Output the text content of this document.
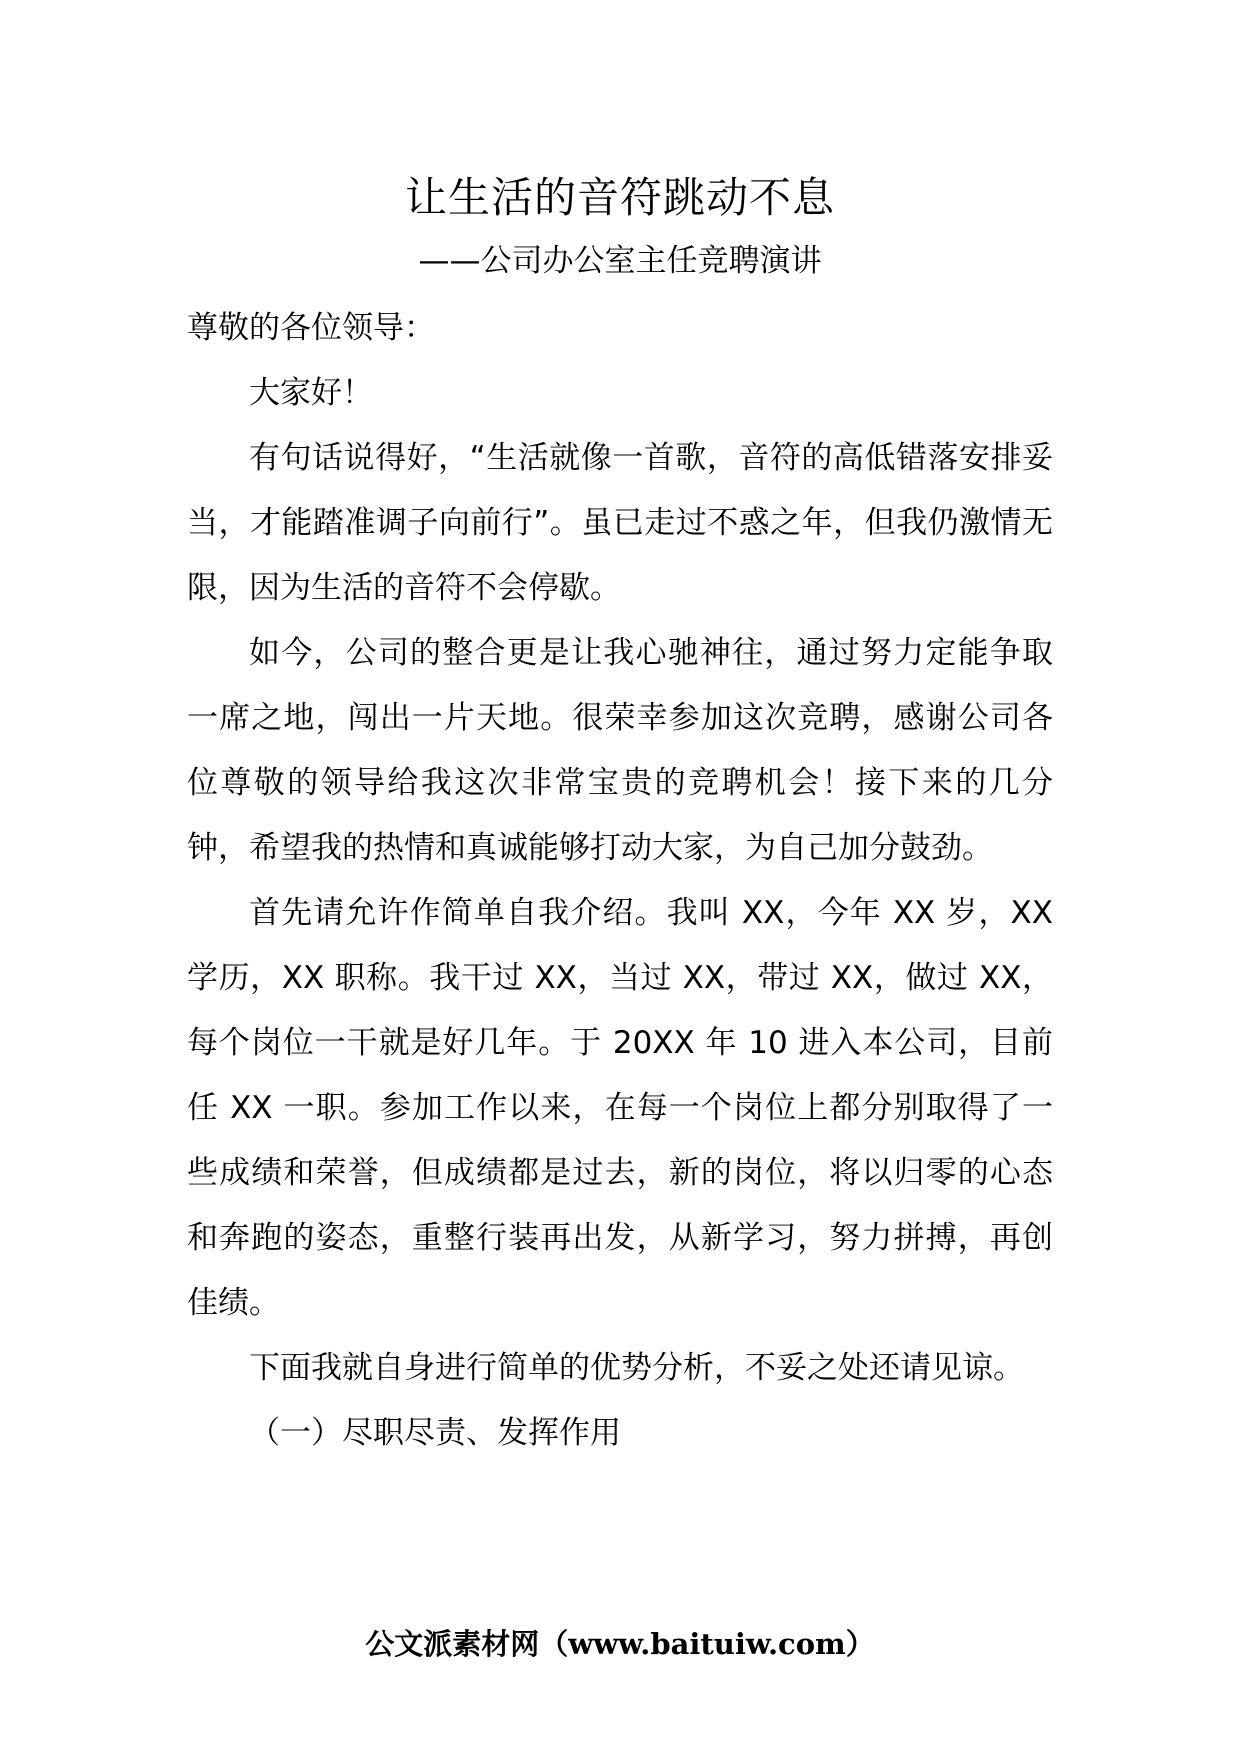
让生活的音符跳动不息
——公司办公室主任竞聘演讲

尊敬的各位领导：

大家好！

有句话说得好，“生活就像一首歌，音符的高低错落安排妥当，才能踏准调子向前行”。虽已走过不惑之年，但我仍激情无限，因为生活的音符不会停歇。

如今，公司的整合更是让我心驰神往，通过努力定能争取一席之地，闯出一片天地。很荣幸参加这次竞聘，感谢公司各位尊敬的领导给我这次非常宝贵的竞聘机会！接下来的几分钟，希望我的热情和真诚能够打动大家，为自己加分鼓劲。

首先请允许作简单自我介绍。我叫 XX，今年 XX 岁，XX 学历，XX 职称。我干过 XX，当过 XX，带过 XX，做过 XX，每个岗位一干就是好几年。于 20XX 年 10 进入本公司，目前任 XX 一职。参加工作以来，在每一个岗位上都分别取得了一些成绩和荣誉，但成绩都是过去，新的岗位，将以归零的心态和奔跑的姿态，重整行装再出发，从新学习，努力拼搏，再创佳绩。

下面我就自身进行简单的优势分析，不妥之处还请见谅。

（一）尽职尽责、发挥作用

公文派素材网（www.baituiw.com）
